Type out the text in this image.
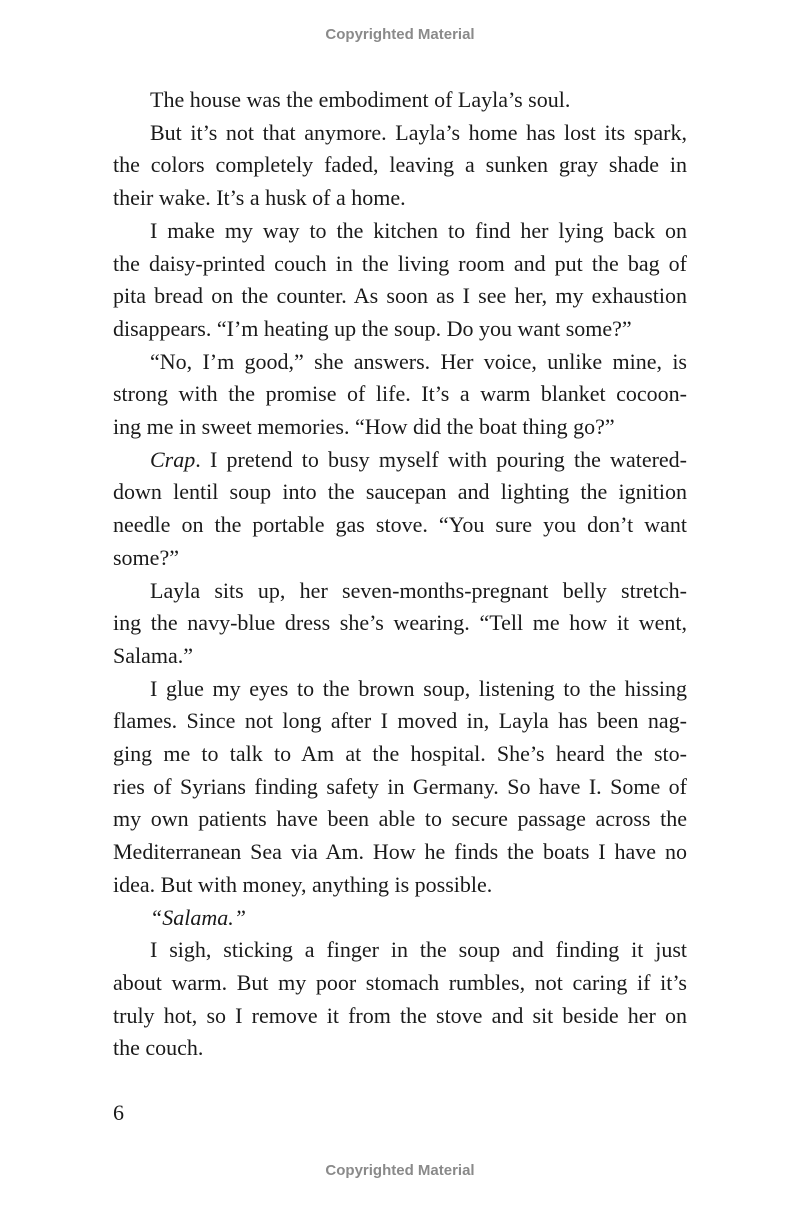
Copyrighted Material
The house was the embodiment of Layla’s soul.
But it’s not that anymore. Layla’s home has lost its spark,
the colors completely faded, leaving a sunken gray shade in
their wake. It’s a husk of a home.
I make my way to the kitchen to find her lying back on
the daisy-printed couch in the living room and put the bag of
pita bread on the counter. As soon as I see her, my exhaustion
disappears. “I’m heating up the soup. Do you want some?”
“No, I’m good,” she answers. Her voice, unlike mine, is
strong with the promise of life. It’s a warm blanket cocoon-
ing me in sweet memories. “How did the boat thing go?”
Crap. I pretend to busy myself with pouring the watered-
down lentil soup into the saucepan and lighting the ignition
needle on the portable gas stove. “You sure you don’t want
some?”
Layla sits up, her seven-months-pregnant belly stretch-
ing the navy-blue dress she’s wearing. “Tell me how it went,
Salama.”
I glue my eyes to the brown soup, listening to the hissing
flames. Since not long after I moved in, Layla has been nag-
ging me to talk to Am at the hospital. She’s heard the sto-
ries of Syrians finding safety in Germany. So have I. Some of
my own patients have been able to secure passage across the
Mediterranean Sea via Am. How he finds the boats I have no
idea. But with money, anything is possible.
“Salama.”
I sigh, sticking a finger in the soup and finding it just
about warm. But my poor stomach rumbles, not caring if it’s
truly hot, so I remove it from the stove and sit beside her on
the couch.
6
Copyrighted Material
